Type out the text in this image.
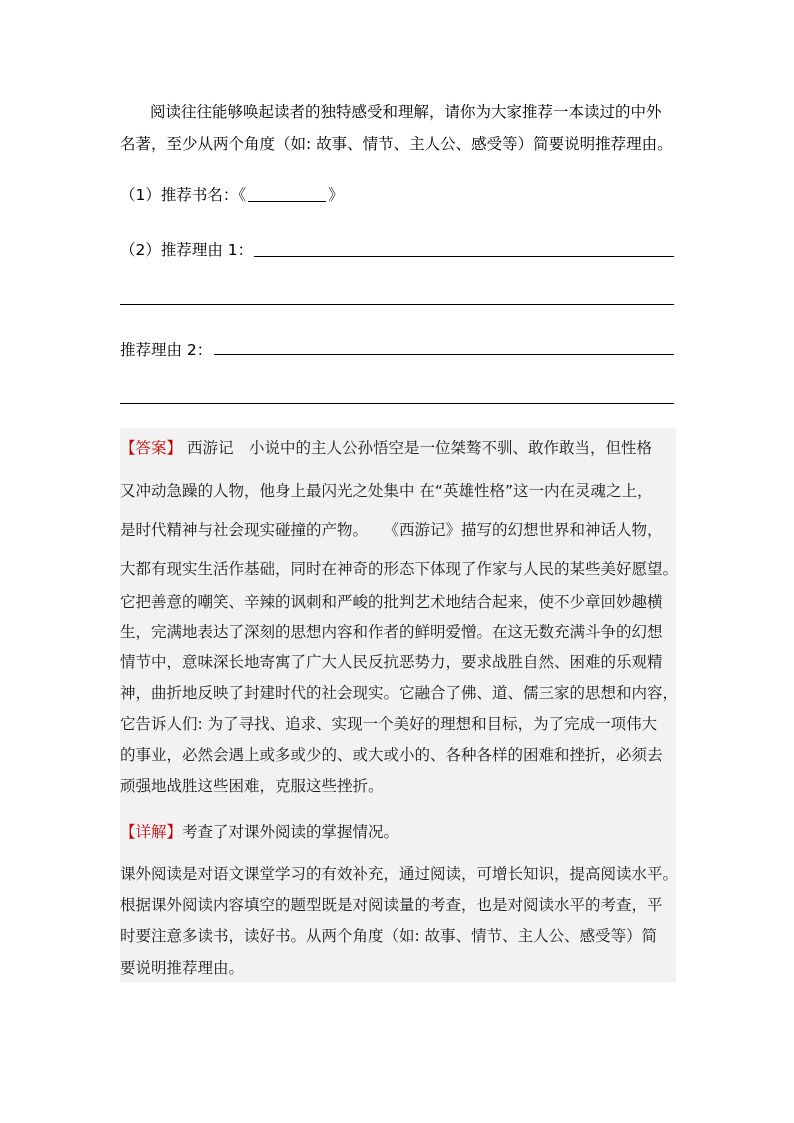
阅读往往能够唤起读者的独特感受和理解，请你为大家推荐一本读过的中外
名著，至少从两个角度（如: 故事、情节、主人公、感受等）简要说明推荐理由。
（1）推荐书名：《	》
（2）推荐理由 1：
推荐理由 2：
【答案】 西游记　小说中的主人公孙悟空是一位桀骜不驯、敢作敢当，但性格
又冲动急躁的人物，他身上最闪光之处集中 在“英雄性格”这一内在灵魂之上，
是时代精神与社会现实碰撞的产物。　　《西游记》描写的幻想世界和神话人物，
大都有现实生活作基础，同时在神奇的形态下体现了作家与人民的某些美好愿望。
它把善意的嘲笑、辛辣的讽刺和严峻的批判艺术地结合起来，使不少章回妙趣横
生，完满地表达了深刻的思想内容和作者的鲜明爱憎。在这无数充满斗争的幻想
情节中，意味深长地寄寓了广大人民反抗恶势力，要求战胜自然、困难的乐观精
神，曲折地反映了封建时代的社会现实。它融合了佛、道、儒三家的思想和内容，
它告诉人们: 为了寻找、追求、实现一个美好的理想和目标，为了完成一项伟大
的事业，必然会遇上或多或少的、或大或小的、各种各样的困难和挫折，必须去
顽强地战胜这些困难，克服这些挫折。
【详解】考查了对课外阅读的掌握情况。
课外阅读是对语文课堂学习的有效补充，通过阅读，可增长知识，提高阅读水平。
根据课外阅读内容填空的题型既是对阅读量的考查，也是对阅读水平的考查，平
时要注意多读书，读好书。从两个角度（如: 故事、情节、主人公、感受等）简
要说明推荐理由。
